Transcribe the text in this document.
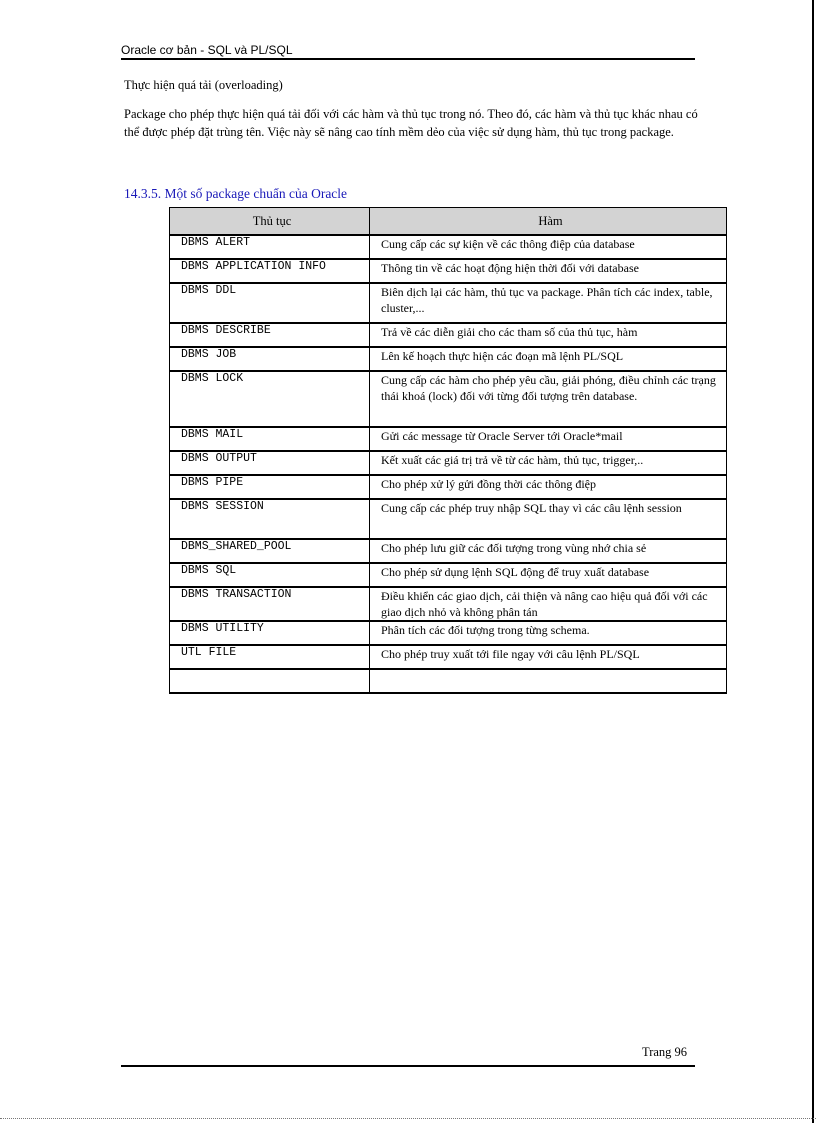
Oracle cơ bản - SQL và PL/SQL
Thực hiện quá tải (overloading)
Package cho phép thực hiện quá tải đối với các hàm và thủ tục trong nó. Theo đó, các hàm và thủ tục khác nhau có thể được phép đặt trùng tên. Việc này sẽ nâng cao tính mềm dẻo của việc sử dụng hàm, thủ tục trong package.
14.3.5. Một số package chuẩn của Oracle
Thủ tục	Hàm
DBMS ALERT	Cung cấp các sự kiện về các thông điệp của database
DBMS APPLICATION INFO	Thông tin về các hoạt động hiện thời đối với database
DBMS DDL	Biên dịch lại các hàm, thủ tục va package. Phân tích các index, table, cluster,...
DBMS DESCRIBE	Trả về các diễn giải cho các tham số của thủ tục, hàm
DBMS JOB	Lên kế hoạch thực hiện các đoạn mã lệnh PL/SQL
DBMS LOCK	Cung cấp các hàm cho phép yêu cầu, giải phóng, điều chỉnh các trạng thái khoá (lock) đối với từng đối tượng trên database.
DBMS MAIL	Gửi các message từ Oracle Server tới Oracle*mail
DBMS OUTPUT	Kết xuất các giá trị trả về từ các hàm, thủ tục, trigger,..
DBMS PIPE	Cho phép xử lý gửi đồng thời các thông điệp
DBMS SESSION	Cung cấp các phép truy nhập SQL thay vì các câu lệnh session
DBMS_SHARED_POOL	Cho phép lưu giữ các đối tượng trong vùng nhớ chia sẻ
DBMS SQL	Cho phép sử dụng lệnh SQL động để truy xuất database
DBMS TRANSACTION	Điều khiển các giao dịch, cải thiện và nâng cao hiệu quả đối với các giao dịch nhỏ và không phân tán
DBMS UTILITY	Phân tích các đối tượng trong từng schema.
UTL FILE	Cho phép truy xuất tới file ngay với câu lệnh PL/SQL

Trang 96
